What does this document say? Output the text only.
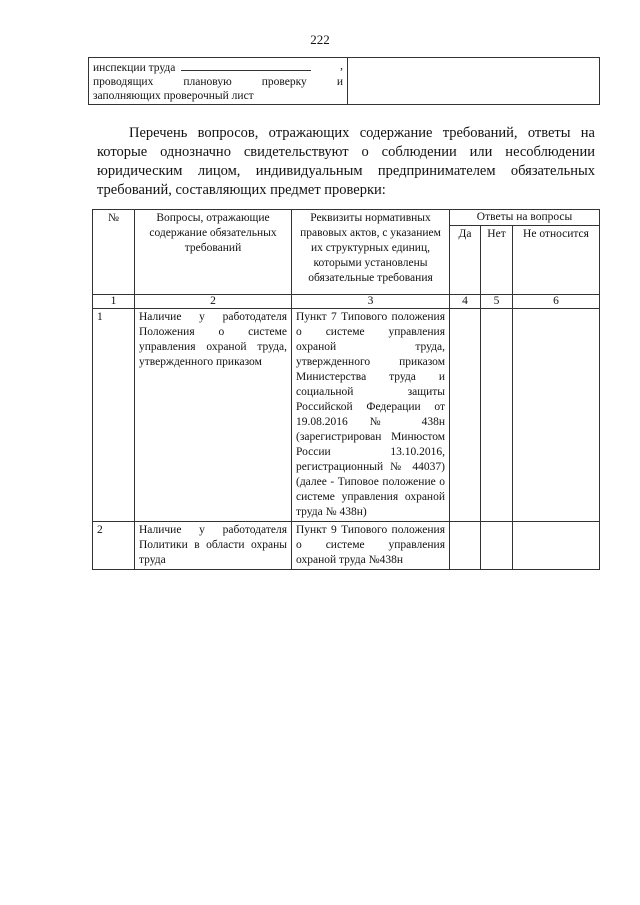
222
инспекции труда	,
проводящих	плановую	проверку	и
заполняющих проверочный лист

Перечень вопросов, отражающих содержание требований, ответы на которые однозначно свидетельствуют о соблюдении или несоблюдении юридическим лицом, индивидуальным предпринимателем обязательных требований, составляющих предмет проверки:
№	Вопросы, отражающие содержание обязательных требований	Реквизиты нормативных правовых актов, с указанием их структурных единиц, которыми установлены обязательные требования	Ответы на вопросы		
			Да	Нет	Не относится
1	2	3	4	5	6
1	Наличие у работодателя Положения о системе управления охраной труда, утвержденного приказом	Пункт 7 Типового положения о системе управления охраной труда, утвержденного приказом Министерства труда и социальной защиты Российской Федерации от 19.08.2016 № 438н (зарегистрирован Минюстом России 13.10.2016, регистрационный № 44037) (далее - Типовое положение о системе управления охраной труда № 438н)			
2	Наличие у работодателя Политики в области охраны труда	Пункт 9 Типового положения о системе управления охраной труда №438н			
